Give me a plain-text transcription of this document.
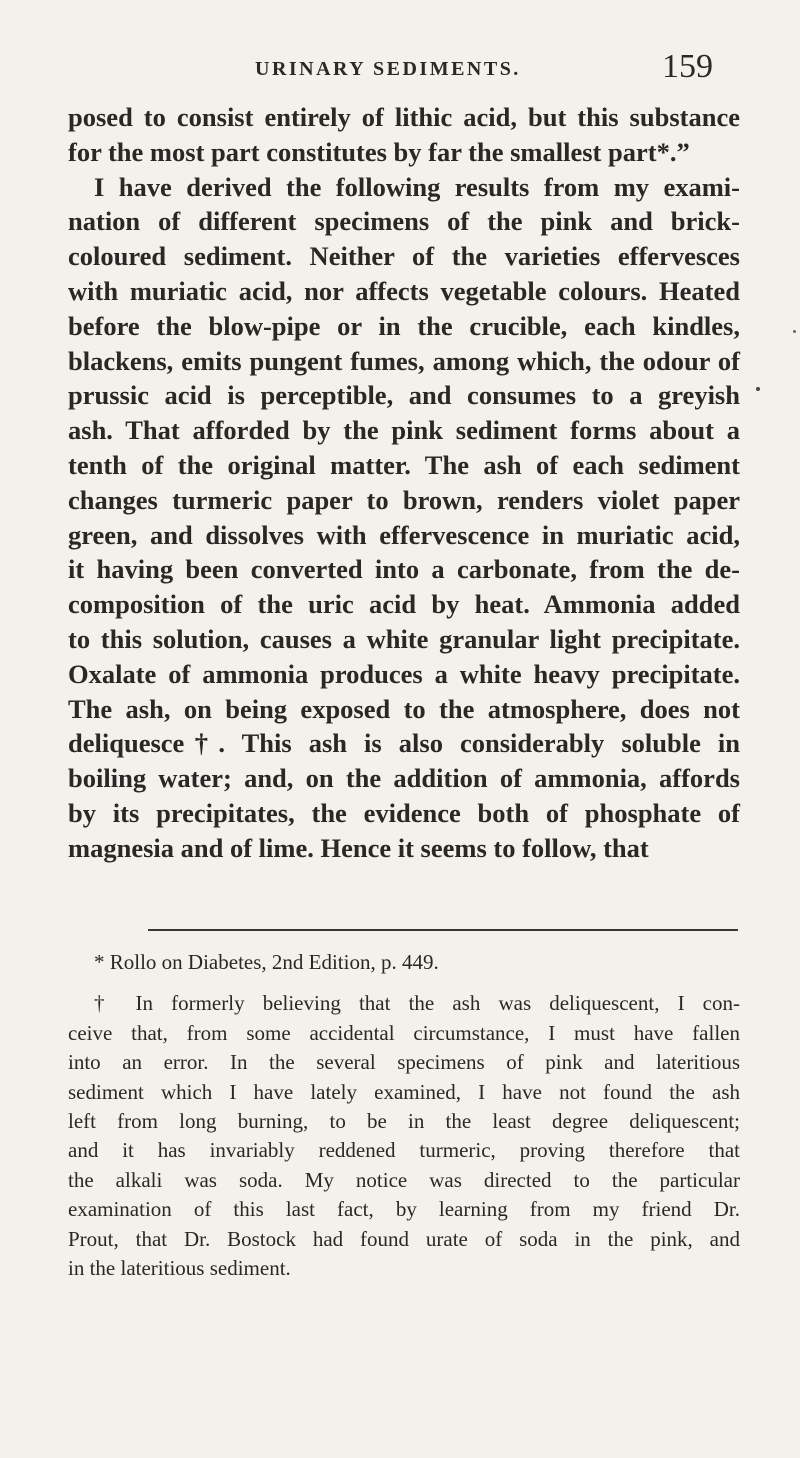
URINARY SEDIMENTS.	159
posed to consist entirely of lithic acid, but this substance
for the most part constitutes by far the smallest part*.”
I have derived the following results from my exami-
nation of different specimens of the pink and brick-
coloured sediment. Neither of the varieties effervesces
with muriatic acid, nor affects vegetable colours. Heated
before the blow-pipe or in the crucible, each kindles,
blackens, emits pungent fumes, among which, the odour of
prussic acid is perceptible, and consumes to a greyish
ash. That afforded by the pink sediment forms about a
tenth of the original matter. The ash of each sediment
changes turmeric paper to brown, renders violet paper
green, and dissolves with effervescence in muriatic acid,
it having been converted into a carbonate, from the de-
composition of the uric acid by heat. Ammonia added
to this solution, causes a white granular light precipitate.
Oxalate of ammonia produces a white heavy precipitate.
The ash, on being exposed to the atmosphere, does not
deliquesce†. This ash is also considerably soluble in
boiling water; and, on the addition of ammonia, affords
by its precipitates, the evidence both of phosphate of
magnesia and of lime. Hence it seems to follow, that
* Rollo on Diabetes, 2nd Edition, p. 449.
† In formerly believing that the ash was deliquescent, I con-
ceive that, from some accidental circumstance, I must have fallen
into an error. In the several specimens of pink and lateritious
sediment which I have lately examined, I have not found the ash
left from long burning, to be in the least degree deliquescent;
and it has invariably reddened turmeric, proving therefore that
the alkali was soda. My notice was directed to the particular
examination of this last fact, by learning from my friend Dr.
Prout, that Dr. Bostock had found urate of soda in the pink, and
in the lateritious sediment.
